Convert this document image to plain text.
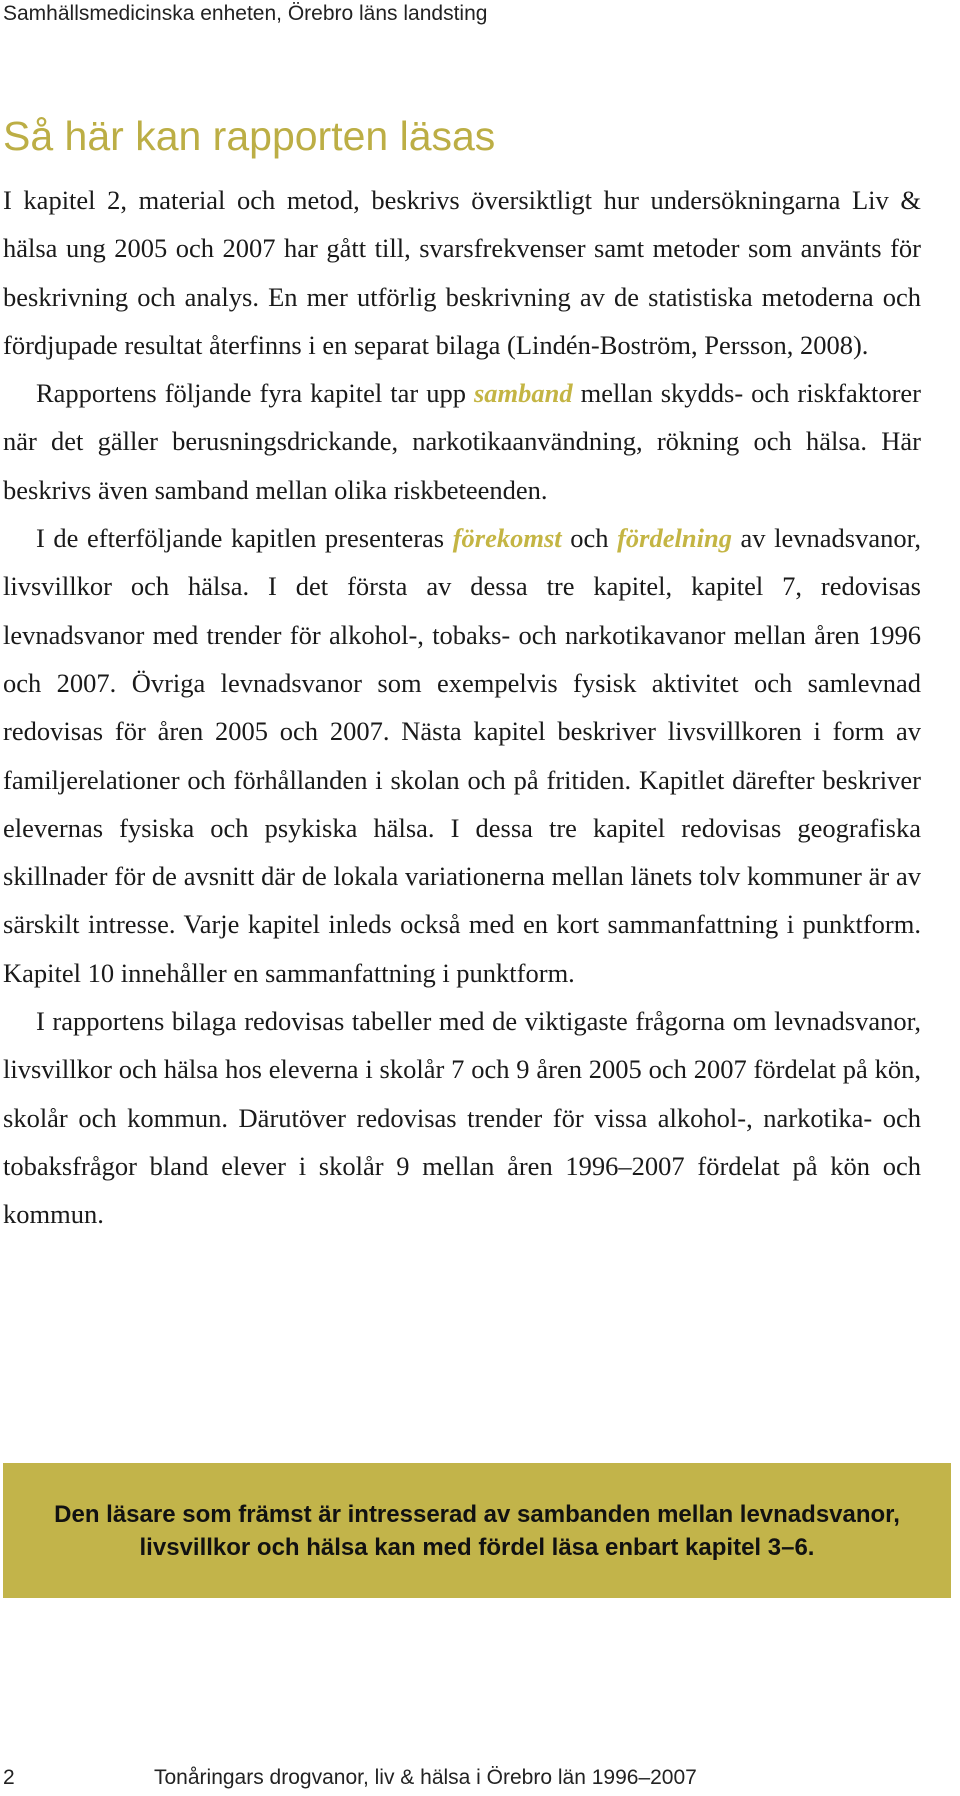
Samhällsmedicinska enheten, Örebro läns landsting
Så här kan rapporten läsas

I kapitel 2, material och metod, beskrivs översiktligt hur undersökningarna Liv & hälsa ung 2005 och 2007 har gått till, svarsfrekvenser samt metoder som använts för beskrivning och analys. En mer utförlig beskrivning av de statistiska metoderna och fördjupade resultat återfinns i en separat bilaga (Lindén-Boström, Persson, 2008).

Rapportens följande fyra kapitel tar upp samband mellan skydds- och riskfaktorer när det gäller berusningsdrickande, narkotikaanvändning, rökning och hälsa. Här beskrivs även samband mellan olika riskbeteenden.

I de efterföljande kapitlen presenteras förekomst och fördelning av levnadsvanor, livsvillkor och hälsa. I det första av dessa tre kapitel, kapitel 7, redovisas levnadsvanor med trender för alkohol-, tobaks- och narkotikavanor mellan åren 1996 och 2007. Övriga levnadsvanor som exempelvis fysisk aktivitet och samlevnad redovisas för åren 2005 och 2007. Nästa kapitel beskriver livsvillkoren i form av familjerelationer och förhållanden i skolan och på fritiden. Kapitlet därefter beskriver elevernas fysiska och psykiska hälsa. I dessa tre kapitel redovisas geografiska skillnader för de avsnitt där de lokala variationerna mellan länets tolv kommuner är av särskilt intresse. Varje kapitel inleds också med en kort sammanfattning i punktform. Kapitel 10 innehåller en sammanfattning i punktform.

I rapportens bilaga redovisas tabeller med de viktigaste frågorna om levnadsvanor, livsvillkor och hälsa hos eleverna i skolår 7 och 9 åren 2005 och 2007 fördelat på kön, skolår och kommun. Därutöver redovisas trender för vissa alkohol-, narkotika- och tobaksfrågor bland elever i skolår 9 mellan åren 1996–2007 fördelat på kön och kommun.

Den läsare som främst är intresserad av sambanden mellan levnadsvanor, livsvillkor och hälsa kan med fördel läsa enbart kapitel 3–6.
2	Tonåringars drogvanor, liv & hälsa i Örebro län 1996–2007
